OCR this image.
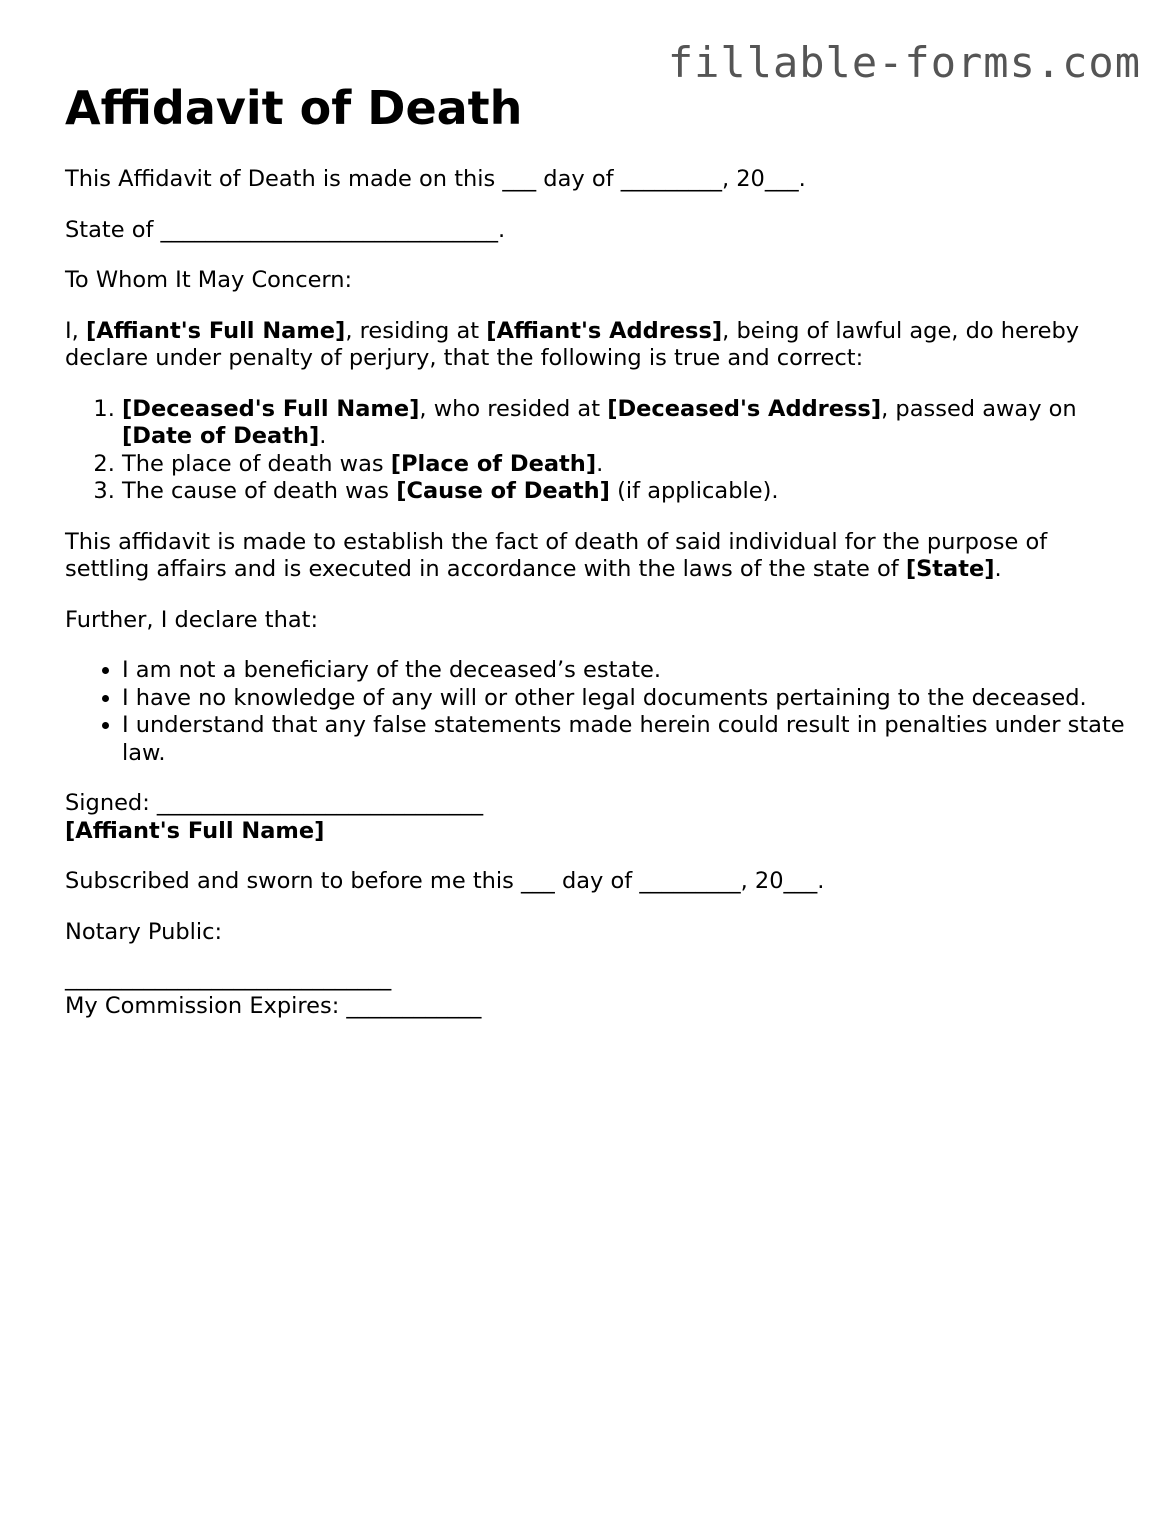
fillable-forms.com
Affidavit of Death

This Affidavit of Death is made on this ___ day of _________, 20___.

State of ______________________________.

To Whom It May Concern:

I, [Affiant's Full Name], residing at [Affiant's Address], being of lawful age, do hereby declare under penalty of perjury, that the following is true and correct:

1. [Deceased's Full Name], who resided at [Deceased's Address], passed away on [Date of Death].
2. The place of death was [Place of Death].
3. The cause of death was [Cause of Death] (if applicable).

This affidavit is made to establish the fact of death of said individual for the purpose of settling affairs and is executed in accordance with the laws of the state of [State].

Further, I declare that:

• I am not a beneficiary of the deceased’s estate.
• I have no knowledge of any will or other legal documents pertaining to the deceased.
• I understand that any false statements made herein could result in penalties under state law.

Signed: _____________________________

[Affiant's Full Name]

Subscribed and sworn to before me this ___ day of _________, 20___.

Notary Public:

_____________________________

My Commission Expires: ____________
